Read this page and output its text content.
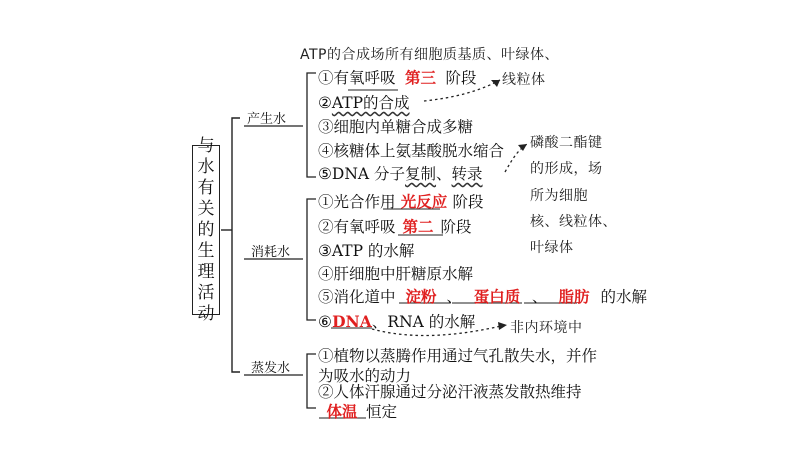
与
水
有
关
的
生
理
活
动
产生水
消耗水
蒸发水
ATP的合成场所有细胞质基质、叶绿体、
①有氧呼吸 第三 阶段
②ATP的合成
③细胞内单糖合成多糖
④核糖体上氨基酸脱水缩合
⑤DNA 分子复制、转录
线粒体
磷酸二酯键
的形成，场
所为细胞
核、线粒体、
叶绿体
①光合作用 光反应 阶段
②有氧呼吸 第二 阶段
③ATP 的水解
④肝细胞中肝糖原水解
⑤消化道中 淀粉 、 蛋白质 、 脂肪 的水解
⑥DNA、RNA 的水解 非内环境中
①植物以蒸腾作用通过气孔散失水，并作
为吸水的动力
②人体汗腺通过分泌汗液蒸发散热维持
体温 恒定
